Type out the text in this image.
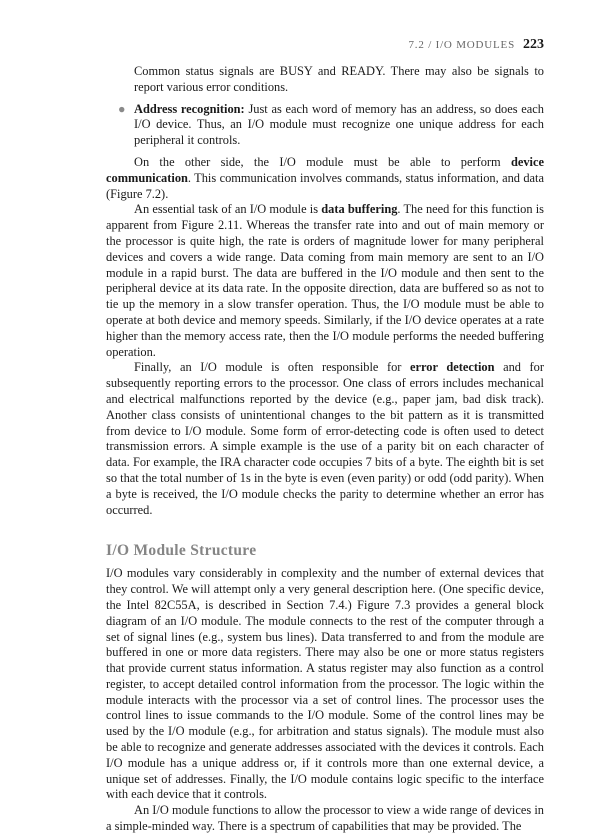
7.2 / I/O MODULES 223

Common status signals are BUSY and READY. There may also be signals to report various error conditions.

● Address recognition: Just as each word of memory has an address, so does each I/O device. Thus, an I/O module must recognize one unique address for each peripheral it controls.

On the other side, the I/O module must be able to perform device communication. This communication involves commands, status information, and data (Figure 7.2).

An essential task of an I/O module is data buffering. The need for this function is apparent from Figure 2.11. Whereas the transfer rate into and out of main memory or the processor is quite high, the rate is orders of magnitude lower for many peripheral devices and covers a wide range. Data coming from main memory are sent to an I/O module in a rapid burst. The data are buffered in the I/O module and then sent to the peripheral device at its data rate. In the opposite direction, data are buffered so as not to tie up the memory in a slow transfer operation. Thus, the I/O module must be able to operate at both device and memory speeds. Similarly, if the I/O device operates at a rate higher than the memory access rate, then the I/O module performs the needed buffering operation.

Finally, an I/O module is often responsible for error detection and for subsequently reporting errors to the processor. One class of errors includes mechanical and electrical malfunctions reported by the device (e.g., paper jam, bad disk track). Another class consists of unintentional changes to the bit pattern as it is transmitted from device to I/O module. Some form of error-detecting code is often used to detect transmission errors. A simple example is the use of a parity bit on each character of data. For example, the IRA character code occupies 7 bits of a byte. The eighth bit is set so that the total number of 1s in the byte is even (even parity) or odd (odd parity). When a byte is received, the I/O module checks the parity to determine whether an error has occurred.

I/O Module Structure

I/O modules vary considerably in complexity and the number of external devices that they control. We will attempt only a very general description here. (One specific device, the Intel 82C55A, is described in Section 7.4.) Figure 7.3 provides a general block diagram of an I/O module. The module connects to the rest of the computer through a set of signal lines (e.g., system bus lines). Data transferred to and from the module are buffered in one or more data registers. There may also be one or more status registers that provide current status information. A status register may also function as a control register, to accept detailed control information from the processor. The logic within the module interacts with the processor via a set of control lines. The processor uses the control lines to issue commands to the I/O module. Some of the control lines may be used by the I/O module (e.g., for arbitration and status signals). The module must also be able to recognize and generate addresses associated with the devices it controls. Each I/O module has a unique address or, if it controls more than one external device, a unique set of addresses. Finally, the I/O module contains logic specific to the interface with each device that it controls.

An I/O module functions to allow the processor to view a wide range of devices in a simple-minded way. There is a spectrum of capabilities that may be provided. The
